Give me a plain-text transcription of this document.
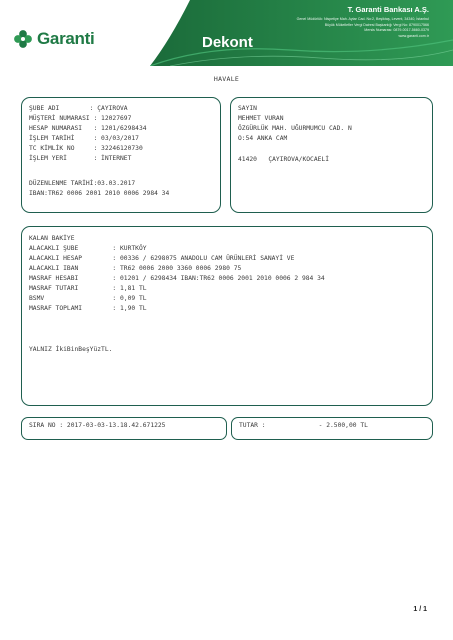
Garanti	Dekont
T. Garanti Bankası A.Ş.
Genel Müdürlük: Nispetiye Mah. Aytar Cad. No:2, Beşiktaş, Levent, 34340, İstanbul
Büyük Mükellefler Vergi Dairesi Başkanlığı Vergi No: 8790017566
Mersis Numarası: 0879-0017-5660-0379
www.garanti.com.tr
HAVALE
ŞUBE ADI        : ÇAYIROVA
MÜŞTERİ NUMARASI : 12027697
HESAP NUMARASI   : 1201/6298434
İŞLEM TARİHİ     : 03/03/2017
TC KİMLİK NO     : 32246120730
İŞLEM YERİ       : İNTERNET
DÜZENLENME TARİHİ:03.03.2017
IBAN:TR62 0006 2001 2010 0006 2984 34
SAYIN
MEHMET VURAN
ÖZGÜRLÜK MAH. UĞURMUMCU CAD. N
O:54 ANKA CAM
41420   ÇAYIROVA/KOCAELİ
KALAN BAKİYE
ALACAKLI ŞUBE         : KURTKÖY
ALACAKLI HESAP        : 00336 / 6298075 ANADOLU CAM ÜRÜNLERİ SANAYİ VE
ALACAKLI IBAN         : TR62 0006 2000 3360 0006 2980 75
MASRAF HESABI         : 01201 / 6298434 IBAN:TR62 0006 2001 2010 0006 2 984 34
MASRAF TUTARI         : 1,81 TL
BSMV                  : 0,09 TL
MASRAF TOPLAMI        : 1,90 TL
YALNIZ İkiBinBeşYüzTL.
SIRA NO : 2017-03-03-13.18.42.671225	TUTAR :              - 2.500,00 TL
1 / 1
